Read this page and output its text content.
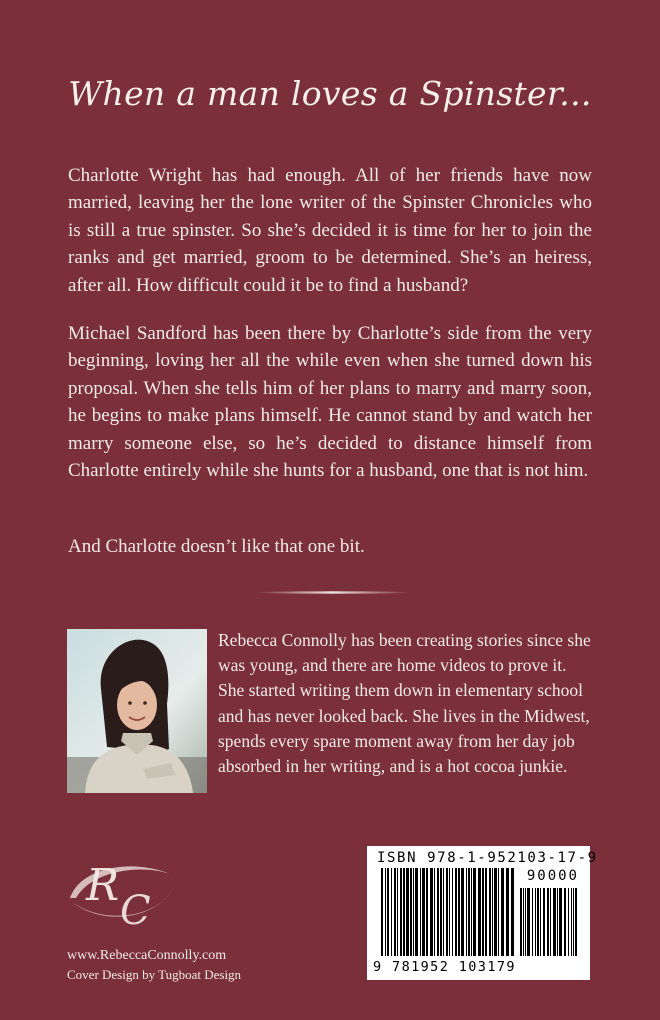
When a man loves a Spinster...

Charlotte Wright has had enough. All of her friends have now married, leaving her the lone writer of the Spinster Chronicles who is still a true spinster. So she’s decided it is time for her to join the ranks and get married, groom to be determined. She’s an heiress, after all. How difficult could it be to find a husband?

Michael Sandford has been there by Charlotte’s side from the very beginning, loving her all the while even when she turned down his proposal. When she tells him of her plans to marry and marry soon, he begins to make plans himself. He cannot stand by and watch her marry someone else, so he’s decided to distance himself from Charlotte entirely while she hunts for a husband, one that is not him.

And Charlotte doesn’t like that one bit.

Rebecca Connolly has been creating stories since she was young, and there are home videos to prove it. She started writing them down in elementary school and has never looked back. She lives in the Midwest, spends every spare moment away from her day job absorbed in her writing, and is a hot cocoa junkie.

R C
www.RebeccaConnolly.com
Cover Design by Tugboat Design
ISBN 978-1-952103-17-9
90000
9 781952 103179
